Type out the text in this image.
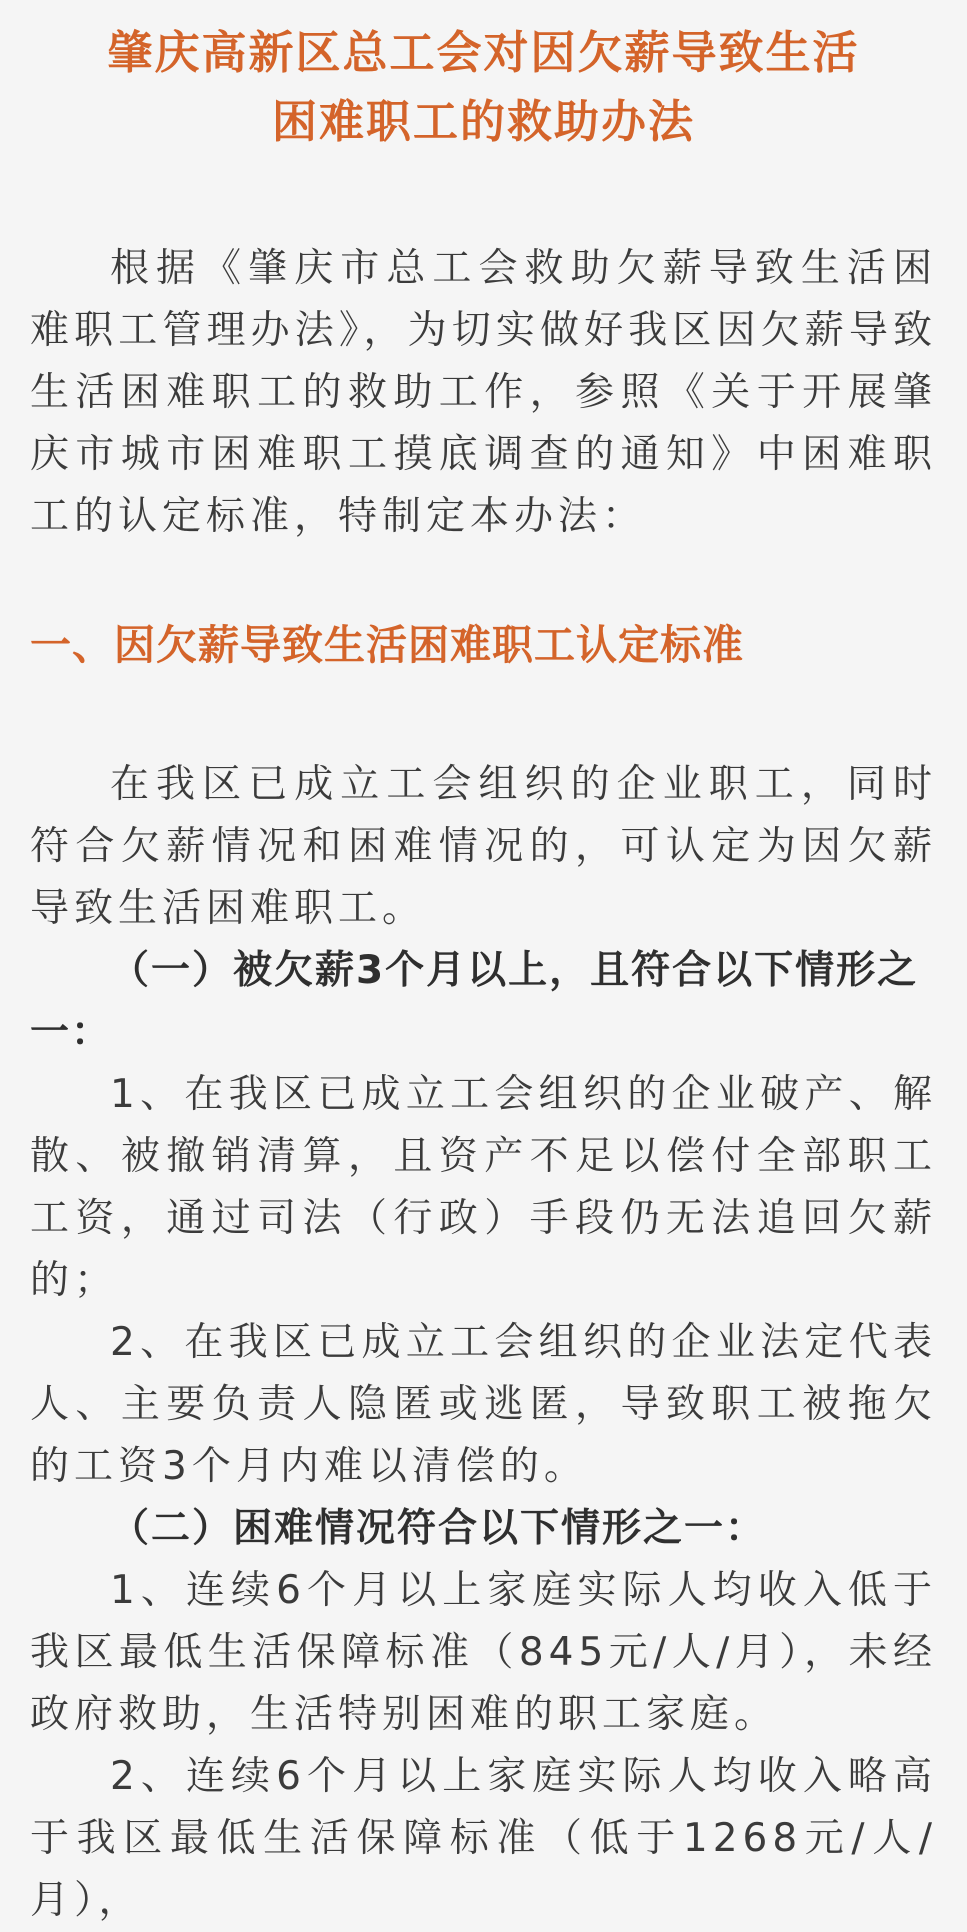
肇庆高新区总工会对因欠薪导致生活
困难职工的救助办法

根据《肇庆市总工会救助欠薪导致生活困难职工管理办法》，为切实做好我区因欠薪导致生活困难职工的救助工作，参照《关于开展肇庆市城市困难职工摸底调查的通知》中困难职工的认定标准，特制定本办法：

一、因欠薪导致生活困难职工认定标准

在我区已成立工会组织的企业职工，同时符合欠薪情况和困难情况的，可认定为因欠薪导致生活困难职工。

（一）被欠薪3个月以上，且符合以下情形之一：

1、在我区已成立工会组织的企业破产、解散、被撤销清算，且资产不足以偿付全部职工工资，通过司法（行政）手段仍无法追回欠薪的；

2、在我区已成立工会组织的企业法定代表人、主要负责人隐匿或逃匿，导致职工被拖欠的工资3个月内难以清偿的。

（二）困难情况符合以下情形之一：

1、连续6个月以上家庭实际人均收入低于我区最低生活保障标准（845元/人/月），未经政府救助，生活特别困难的职工家庭。

2、连续6个月以上家庭实际人均收入略高于我区最低生活保障标准（低于1268元/人/月），
